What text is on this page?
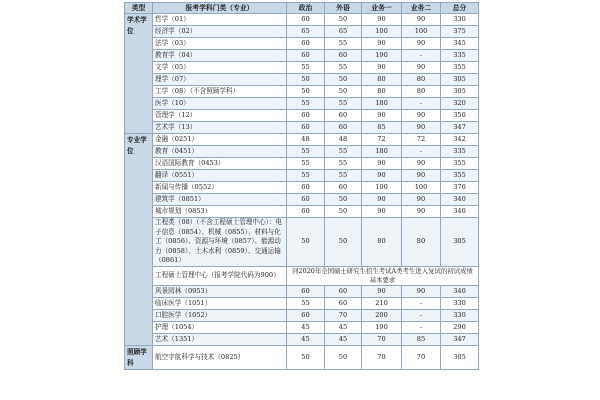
类型	报考学科门类（专业）	政治	外语	业务一	业务二	总分
学术学位	哲学（01）	60	50	90	90	330
	经济学（02）	65	65	100	100	375
	法学（03）	60	55	90	90	345
	教育学（04）	60	60	190	-	335
	文学（05）	55	55	90	90	355
	理学（07）	50	50	80	80	305
	工学（08）（不含照顾学科）	50	50	80	80	305
	医学（10）	55	55	180	-	320
	管理学（12）	60	60	90	90	350
	艺术学（13）	60	60	85	90	347
专业学位	金融（0251）	48	48	72	72	342
	教育（0451）	55	55	180	-	335
	汉语国际教育（0453）	55	55	90	90	355
	翻译（0551）	55	55	90	90	355
	新闻与传播（0552）	60	60	100	100	370
	建筑学（0851）	60	50	90	90	340
	城市规划（0853）	60	50	90	90	340
	工程类（08）（不含工程硕士管理中心）：电子信息（0854）、机械（0855）、材料与化工（0856）、资源与环境（0857）、能源动力（0858）、土木水利（0859）、交通运输（0861）	50	50	80	80	305
	工程硕士管理中心（报考学院代码为900）	同2020年全国硕士研究生招生考试A类考生进入复试的初试成绩基本要求				
	风景园林（0953）	60	60	90	90	340
	临床医学（1051）	55	60	210	-	330
	口腔医学（1052）	60	70	200	-	330
	护理（1054）	45	45	190	-	290
	艺术（1351）	45	45	70	85	347
照顾学科	航空宇航科学与技术（0825）	50	50	70	70	305
